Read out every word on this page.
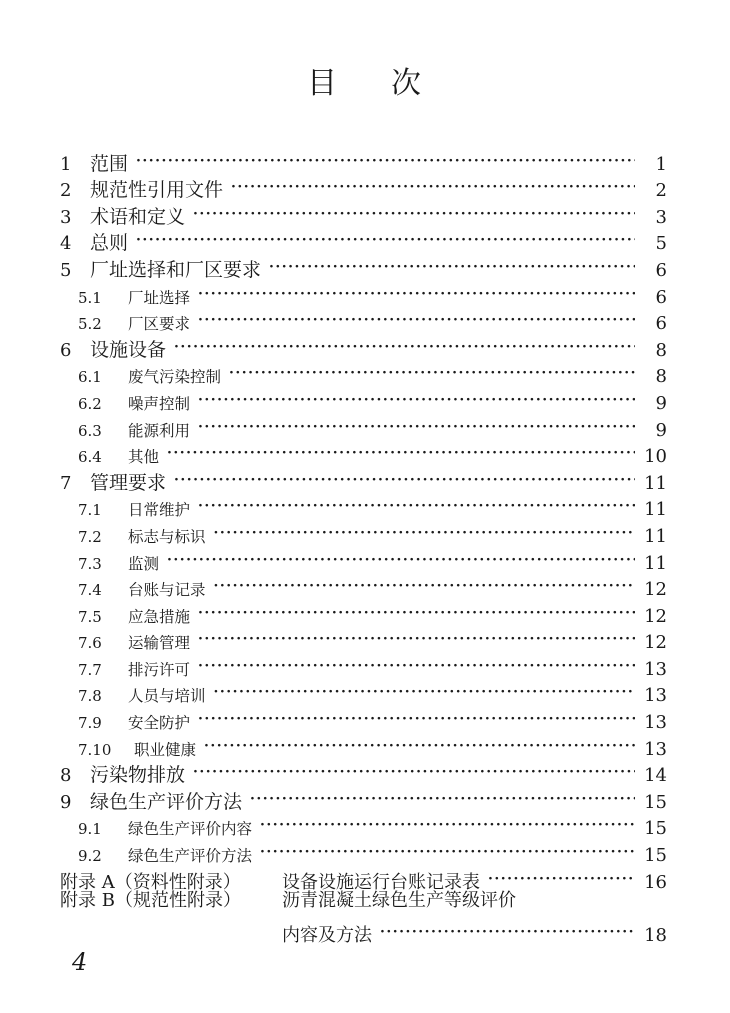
目 次
1 范围 ·····	1
2 规范性引用文件 ·····	2
3 术语和定义 ·····	3
4 总则 ·····	5
5 厂址选择和厂区要求 ·····	6
5.1	厂址选择 ·····	6
5.2	厂区要求 ·····	6
6 设施设备 ·····	8
6.1	废气污染控制 ·····	8
6.2	噪声控制 ·····	9
6.3	能源利用 ·····	9
6.4	其他 ·····	10
7 管理要求 ·····	11
7.1	日常维护 ·····	11
7.2	标志与标识 ·····	11
7.3	监测 ·····	11
7.4	台账与记录 ·····	12
7.5	应急措施 ·····	12
7.6	运输管理 ·····	12
7.7	排污许可 ·····	13
7.8	人员与培训 ·····	13
7.9	安全防护 ·····	13
7.10	职业健康 ·····	13
8 污染物排放 ·····	14
9 绿色生产评价方法 ·····	15
9.1	绿色生产评价内容 ·····	15
9.2	绿色生产评价方法 ·····	15
附录 A（资料性附录）	设备设施运行台账记录表 ·····	16
附录 B（规范性附录）	沥青混凝土绿色生产等级评价
内容及方法 ·····	18
4
